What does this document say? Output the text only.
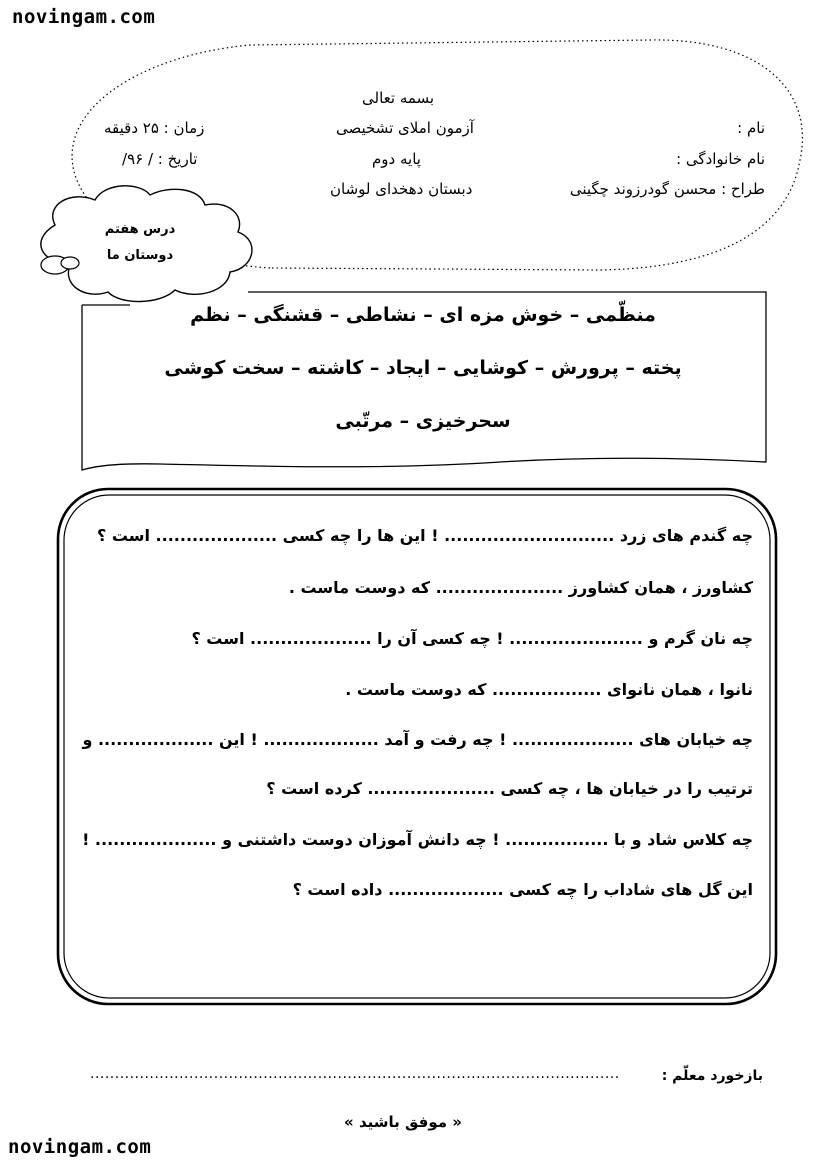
novingam.com
بسمه تعالی
نام :
آزمون املای تشخیصی
زمان : ۲۵ دقیقه
نام خانوادگی :
پایه دوم
تاریخ : / ۹۶/
طراح : محسن گودرزوند چگینی
دبستان دهخدای لوشان
درس هفتم
دوستان ما
منظّمی – خوش مزه ای – نشاطی – قشنگی – نظم
پخته – پرورش – کوشایی – ایجاد – کاشته – سخت کوشی
سحرخیزی – مرتّبی
چه گندم های زرد ............................ ! این ها را چه کسی .................... است ؟
کشاورز ، همان کشاورز ..................... که دوست ماست .
چه نان گرم و ...................... ! چه کسی آن را .................... است ؟
نانوا ، همان نانوای .................. که دوست ماست .
چه خیابان های .................... ! چه رفت و آمد ................... ! این ................... و
ترتیب را در خیابان ها ، چه کسی ..................... کرده است ؟
چه کلاس شاد و با ................. ! چه دانش آموزان دوست داشتنی و .................... !
این گل های شاداب را چه کسی ................... داده است ؟
بازخورد معلّم :
...........................................................................................................
« موفق باشید »
novingam.com
